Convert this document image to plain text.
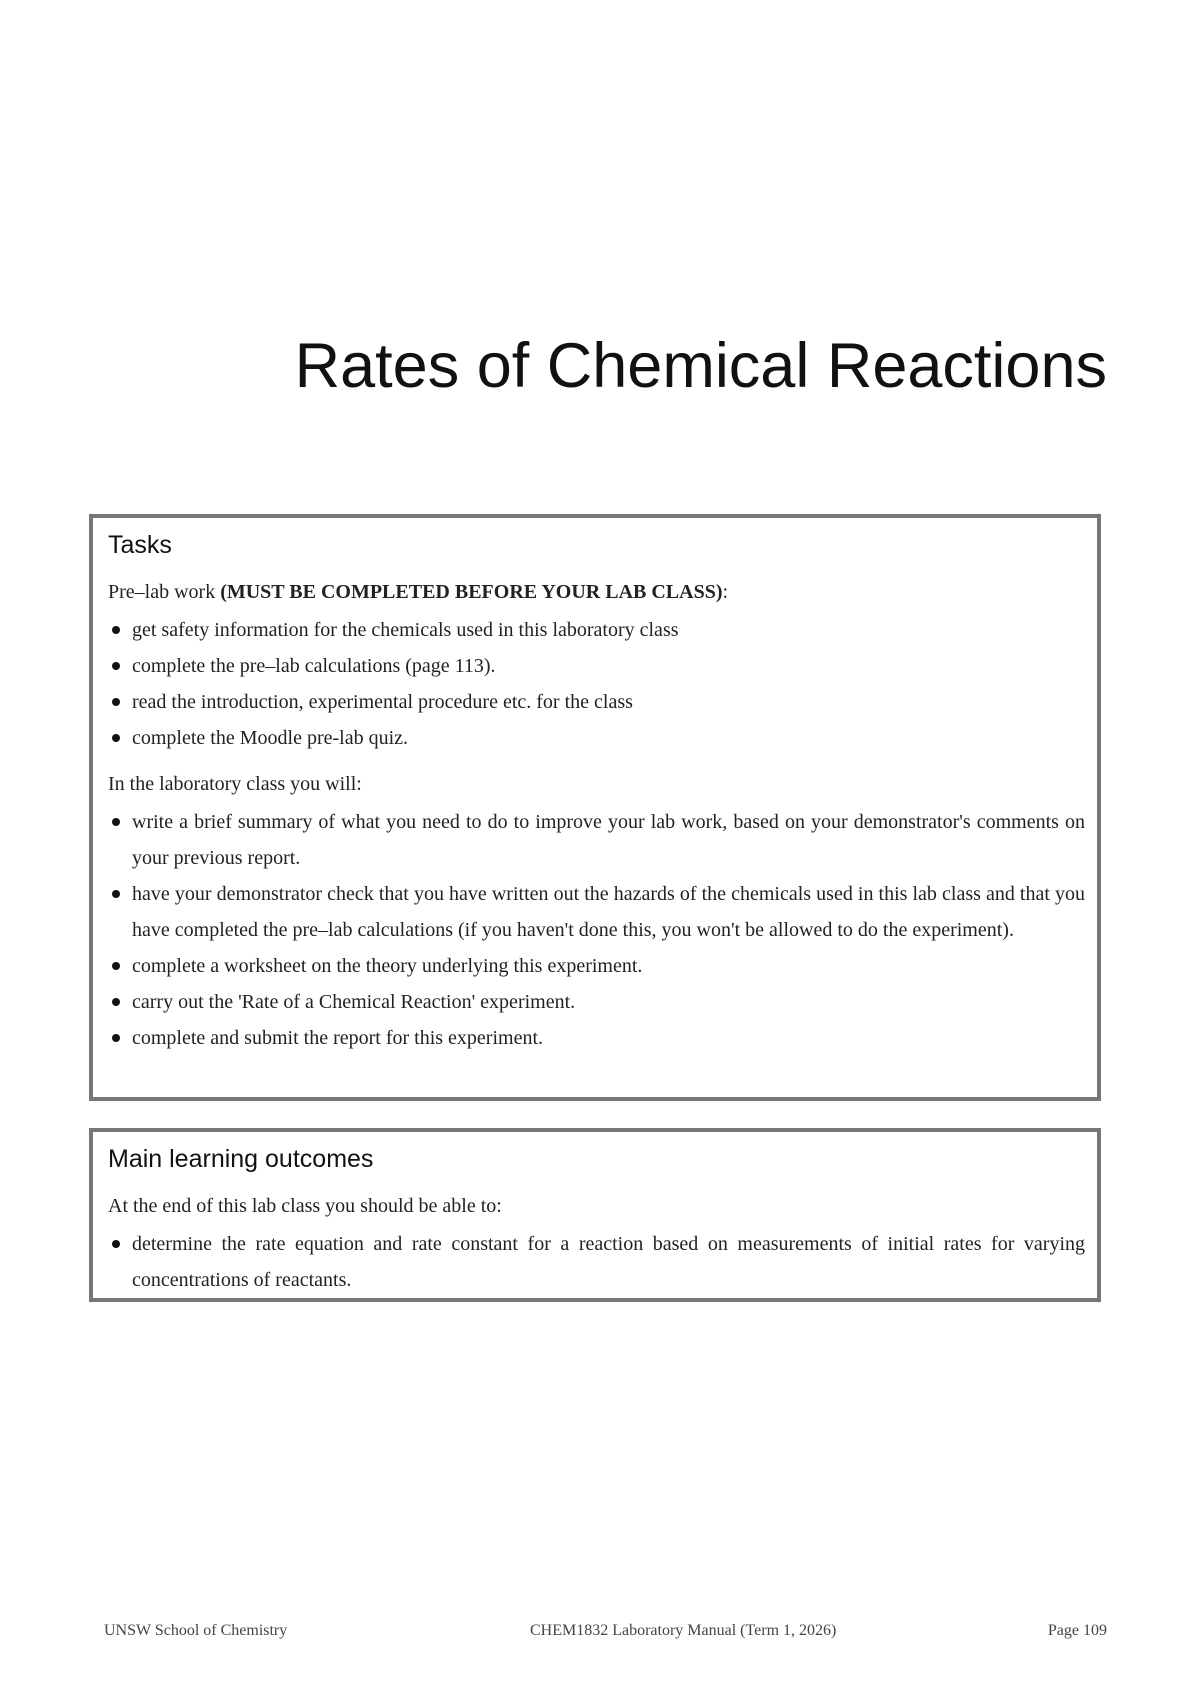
Rates of Chemical Reactions
Tasks

Pre–lab work (MUST BE COMPLETED BEFORE YOUR LAB CLASS):

get safety information for the chemicals used in this laboratory class
complete the pre–lab calculations (page 113).
read the introduction, experimental procedure etc. for the class
complete the Moodle pre-lab quiz.

In the laboratory class you will:

write a brief summary of what you need to do to improve your lab work, based on your demonstrator's comments on your previous report.
have your demonstrator check that you have written out the hazards of the chemicals used in this lab class and that you have completed the pre–lab calculations (if you haven't done this, you won't be allowed to do the experiment).
complete a worksheet on the theory underlying this experiment.
carry out the 'Rate of a Chemical Reaction' experiment.
complete and submit the report for this experiment.
Main learning outcomes

At the end of this lab class you should be able to:

determine the rate equation and rate constant for a reaction based on measurements of initial rates for varying concentrations of reactants.
UNSW School of Chemistry	CHEM1832 Laboratory Manual (Term 1, 2026)	Page 109
